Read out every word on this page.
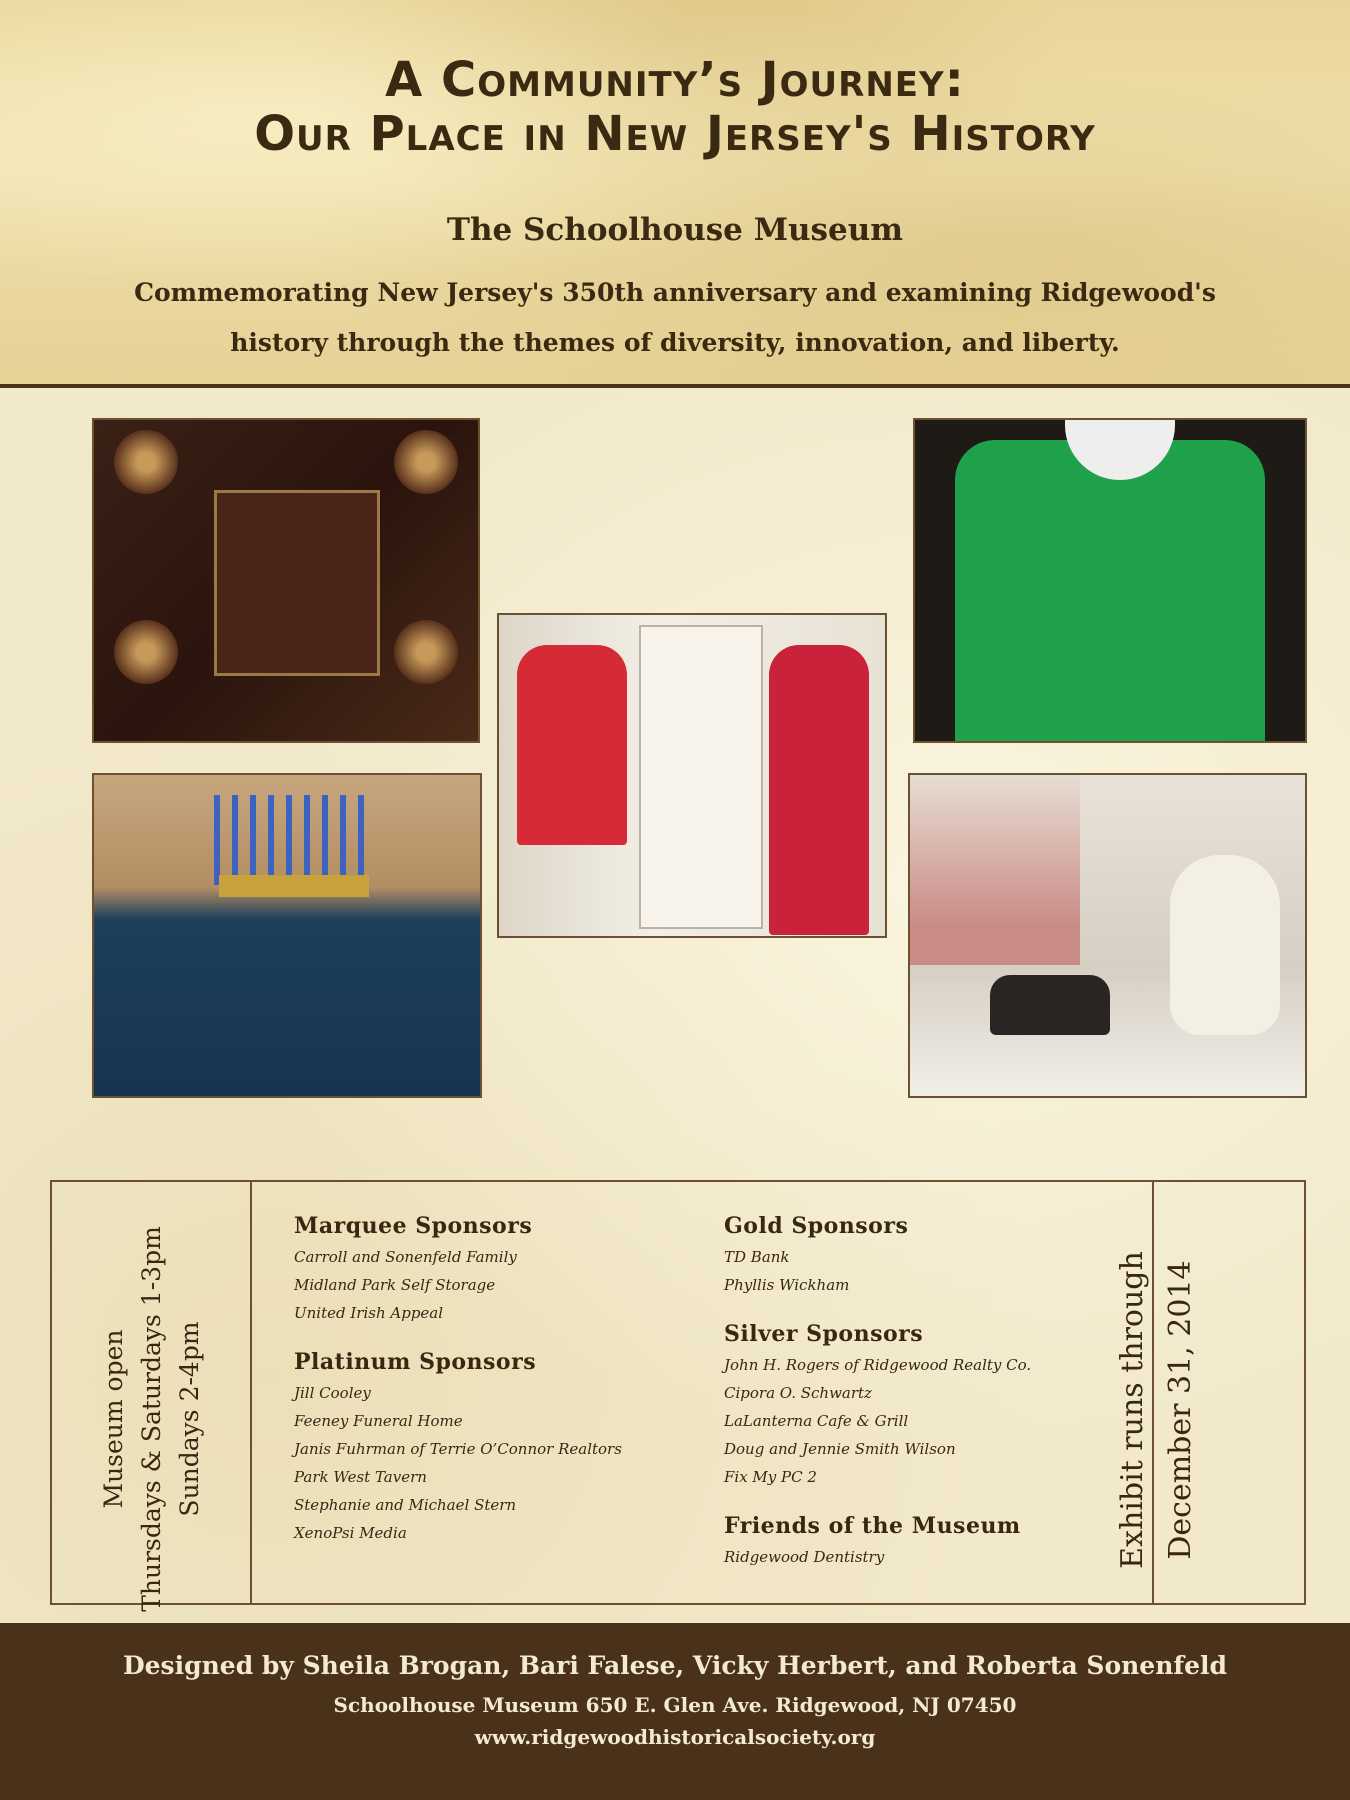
A Community’s Journey:
Our Place in New Jersey's History
The Schoolhouse Museum
Commemorating New Jersey's 350th anniversary and examining Ridgewood's
history through the themes of diversity, innovation, and liberty.
Museum open Thursdays & Saturdays 1-3pm Sundays 2-4pm	Exhibit runs through December 31, 2014
Marquee Sponsors
Carroll and Sonenfeld Family
Midland Park Self Storage
United Irish Appeal
Platinum Sponsors
Jill Cooley
Feeney Funeral Home
Janis Fuhrman of Terrie O’Connor Realtors
Park West Tavern
Stephanie and Michael Stern
XenoPsi Media
Gold Sponsors
TD Bank
Phyllis Wickham
Silver Sponsors
John H. Rogers of Ridgewood Realty Co.
Cipora O. Schwartz
LaLanterna Cafe & Grill
Doug and Jennie Smith Wilson
Fix My PC 2
Friends of the Museum
Ridgewood Dentistry
Designed by Sheila Brogan, Bari Falese, Vicky Herbert, and Roberta Sonenfeld
Schoolhouse Museum 650 E. Glen Ave. Ridgewood, NJ 07450
www.ridgewoodhistoricalsociety.org
